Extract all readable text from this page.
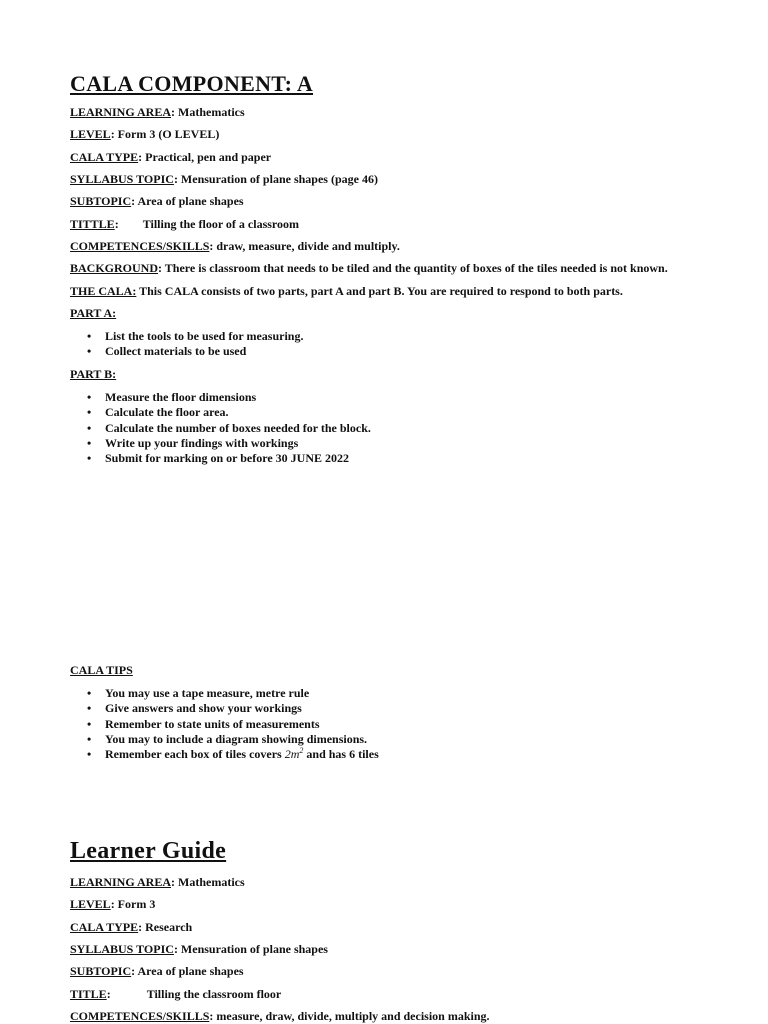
CALA COMPONENT: A
LEARNING AREA: Mathematics
LEVEL: Form 3 (O LEVEL)
CALA TYPE: Practical, pen and paper
SYLLABUS TOPIC: Mensuration of plane shapes (page 46)
SUBTOPIC: Area of plane shapes
TITTLE: Tilling the floor of a classroom
COMPETENCES/SKILLS: draw, measure, divide and multiply.
BACKGROUND: There is classroom that needs to be tiled and the quantity of boxes of the tiles needed is not known.
THE CALA: This CALA consists of two parts, part A and part B. You are required to respond to both parts.
PART A:
• List the tools to be used for measuring.
• Collect materials to be used
PART B:
• Measure the floor dimensions
• Calculate the floor area.
• Calculate the number of boxes needed for the block.
• Write up your findings with workings
• Submit for marking on or before 30 JUNE 2022
CALA TIPS
• You may use a tape measure, metre rule
• Give answers and show your workings
• Remember to state units of measurements
• You may to include a diagram showing dimensions.
• Remember each box of tiles covers $2m^2$ and has 6 tiles
Learner Guide
LEARNING AREA: Mathematics
LEVEL: Form 3
CALA TYPE: Research
SYLLABUS TOPIC: Mensuration of plane shapes
SUBTOPIC: Area of plane shapes
TITLE:	Tilling the classroom floor
COMPETENCES/SKILLS: measure, draw, divide, multiply and decision making.
